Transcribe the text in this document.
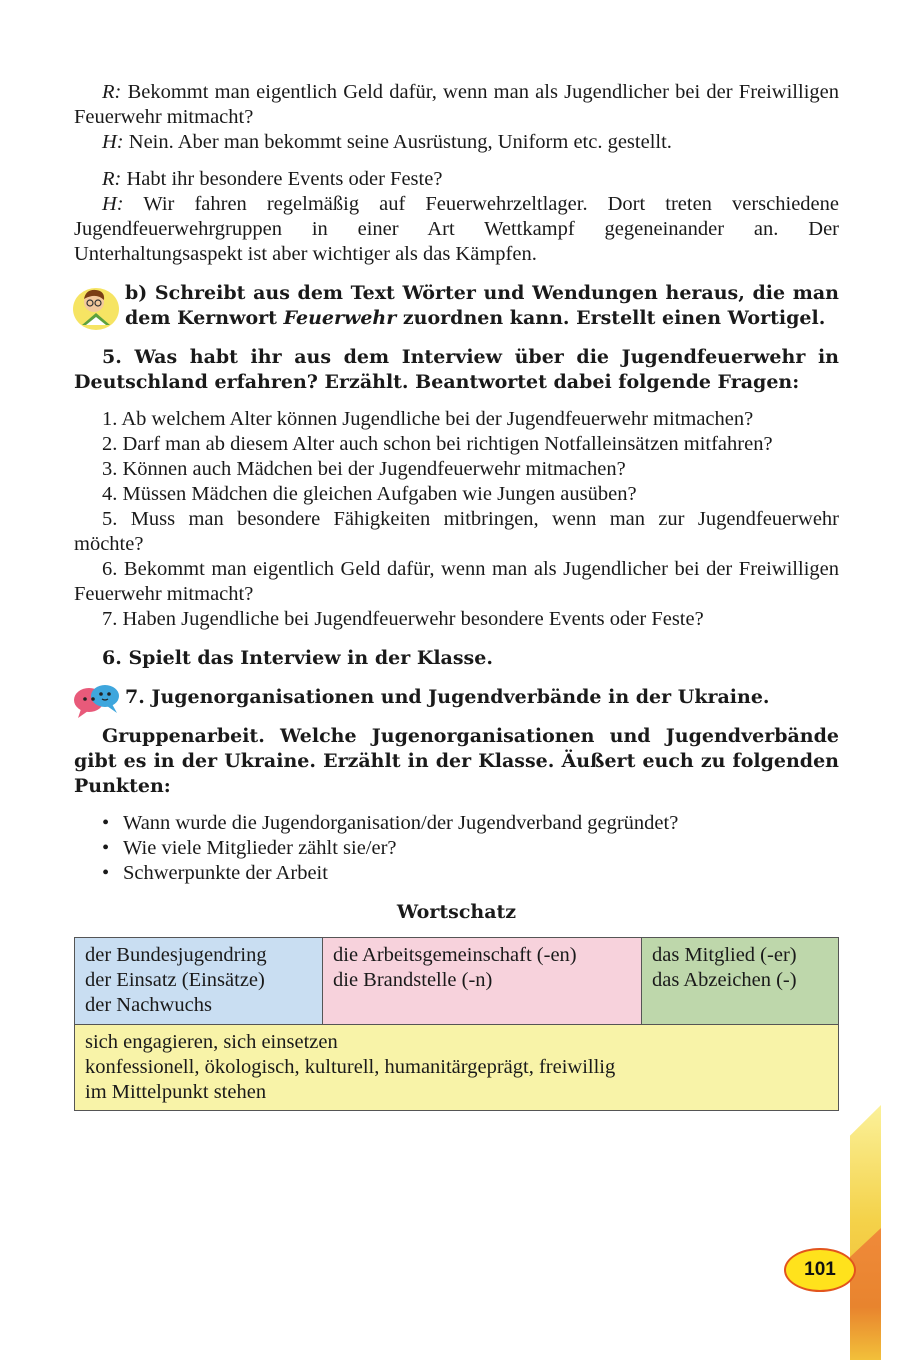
R: Bekommt man eigentlich Geld dafür, wenn man als Jugendlicher bei der Freiwilligen Feuerwehr mitmacht?

H: Nein. Aber man bekommt seine Ausrüstung, Uniform etc. gestellt.

R: Habt ihr besondere Events oder Feste?

H: Wir fahren regelmäßig auf Feuerwehrzeltlager. Dort treten verschiedene Jugendfeuerwehrgruppen in einer Art Wettkampf gegeneinander an. Der Unterhaltungsaspekt ist aber wichtiger als das Kämpfen.

b) Schreibt aus dem Text Wörter und Wendungen heraus, die man dem Kernwort Feuerwehr zuordnen kann. Erstellt einen Wortigel.

5. Was habt ihr aus dem Interview über die Jugendfeuerwehr in Deutschland erfahren? Erzählt. Beantwortet dabei folgende Fragen:

1. Ab welchem Alter können Jugendliche bei der Jugendfeuerwehr mitmachen?
2. Darf man ab diesem Alter auch schon bei richtigen Notfalleinsätzen mitfahren?
3. Können auch Mädchen bei der Jugendfeuerwehr mitmachen?
4. Müssen Mädchen die gleichen Aufgaben wie Jungen ausüben?
5. Muss man besondere Fähigkeiten mitbringen, wenn man zur Jugendfeuerwehr möchte?
6. Bekommt man eigentlich Geld dafür, wenn man als Jugendlicher bei der Freiwilligen Feuerwehr mitmacht?
7. Haben Jugendliche bei Jugendfeuerwehr besondere Events oder Feste?

6. Spielt das Interview in der Klasse.

7. Jugenorganisationen und Jugendverbände in der Ukraine.

Gruppenarbeit. Welche Jugenorganisationen und Jugendverbände gibt es in der Ukraine. Erzählt in der Klasse. Äußert euch zu folgenden Punkten:

• Wann wurde die Jugendorganisation/der Jugendverband gegründet?
• Wie viele Mitglieder zählt sie/er?
• Schwerpunkte der Arbeit
Wortschatz
der Bundesjugendring
der Einsatz (Einsätze)
der Nachwuchs
die Arbeitsgemeinschaft (-en)
die Brandstelle (-n)
das Mitglied (-er)
das Abzeichen (-)
sich engagieren, sich einsetzen
konfessionell, ökologisch, kulturell, humanitärgeprägt, freiwillig
im Mittelpunkt stehen
101
